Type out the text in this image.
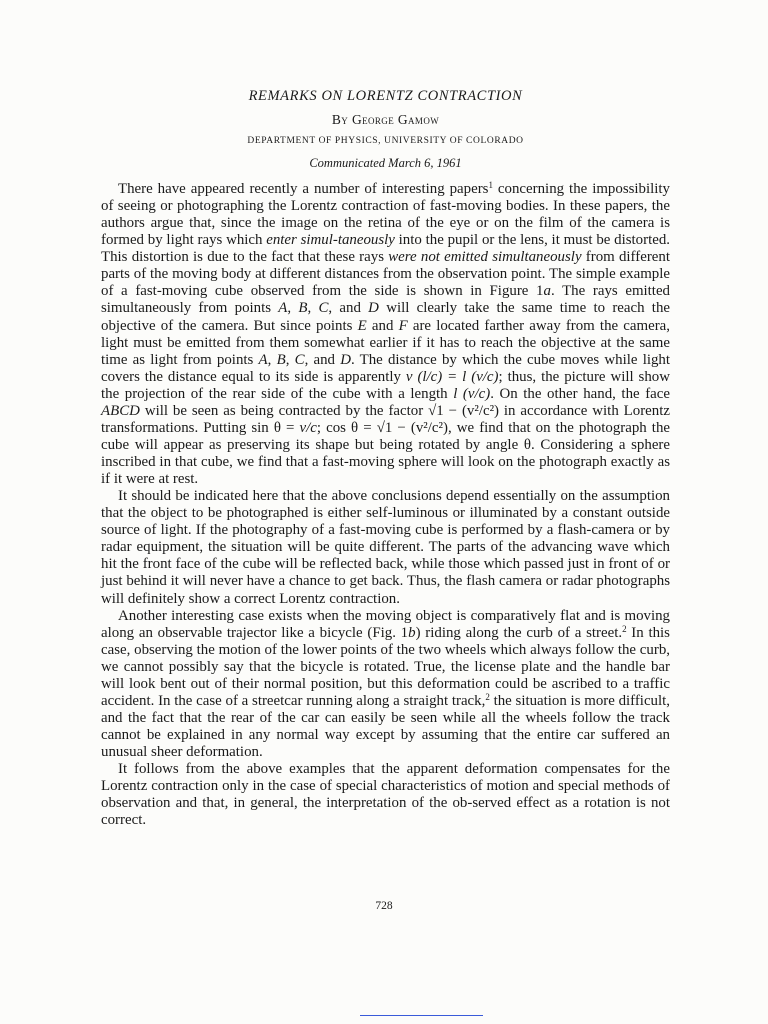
REMARKS ON LORENTZ CONTRACTION
By George Gamow
DEPARTMENT OF PHYSICS, UNIVERSITY OF COLORADO
Communicated March 6, 1961

There have appeared recently a number of interesting papers$^1$ concerning the impossibility of seeing or photographing the Lorentz contraction of fast-moving bodies. In these papers, the authors argue that, since the image on the retina of the eye or on the film of the camera is formed by light rays which enter simul-taneously into the pupil or the lens, it must be distorted. This distortion is due to the fact that these rays were not emitted simultaneously from different parts of the moving body at different distances from the observation point. The simple example of a fast-moving cube observed from the side is shown in Figure 1a. The rays emitted simultaneously from points A, B, C, and D will clearly take the same time to reach the objective of the camera. But since points E and F are located farther away from the camera, light must be emitted from them somewhat earlier if it has to reach the objective at the same time as light from points A, B, C, and D. The distance by which the cube moves while light covers the distance equal to its side is apparently v (l/c) = l (v/c); thus, the picture will show the projection of the rear side of the cube with a length l (v/c). On the other hand, the face ABCD will be seen as being contracted by the factor √1 − (v²/c²) in accordance with Lorentz transformations. Putting sin θ = v/c; cos θ = √1 − (v²/c²), we find that on the photograph the cube will appear as preserving its shape but being rotated by angle θ. Considering a sphere inscribed in that cube, we find that a fast-moving sphere will look on the photograph exactly as if it were at rest.

It should be indicated here that the above conclusions depend essentially on the assumption that the object to be photographed is either self-luminous or illuminated by a constant outside source of light. If the photography of a fast-moving cube is performed by a flash-camera or by radar equipment, the situation will be quite different. The parts of the advancing wave which hit the front face of the cube will be reflected back, while those which passed just in front of or just behind it will never have a chance to get back. Thus, the flash camera or radar photographs will definitely show a correct Lorentz contraction.

Another interesting case exists when the moving object is comparatively flat and is moving along an observable trajector like a bicycle (Fig. 1b) riding along the curb of a street.$^2$ In this case, observing the motion of the lower points of the two wheels which always follow the curb, we cannot possibly say that the bicycle is rotated. True, the license plate and the handle bar will look bent out of their normal position, but this deformation could be ascribed to a traffic accident. In the case of a streetcar running along a straight track,$^2$ the situation is more difficult, and the fact that the rear of the car can easily be seen while all the wheels follow the track cannot be explained in any normal way except by assuming that the entire car suffered an unusual sheer deformation.

It follows from the above examples that the apparent deformation compensates for the Lorentz contraction only in the case of special characteristics of motion and special methods of observation and that, in general, the interpretation of the ob-served effect as a rotation is not correct.

728
